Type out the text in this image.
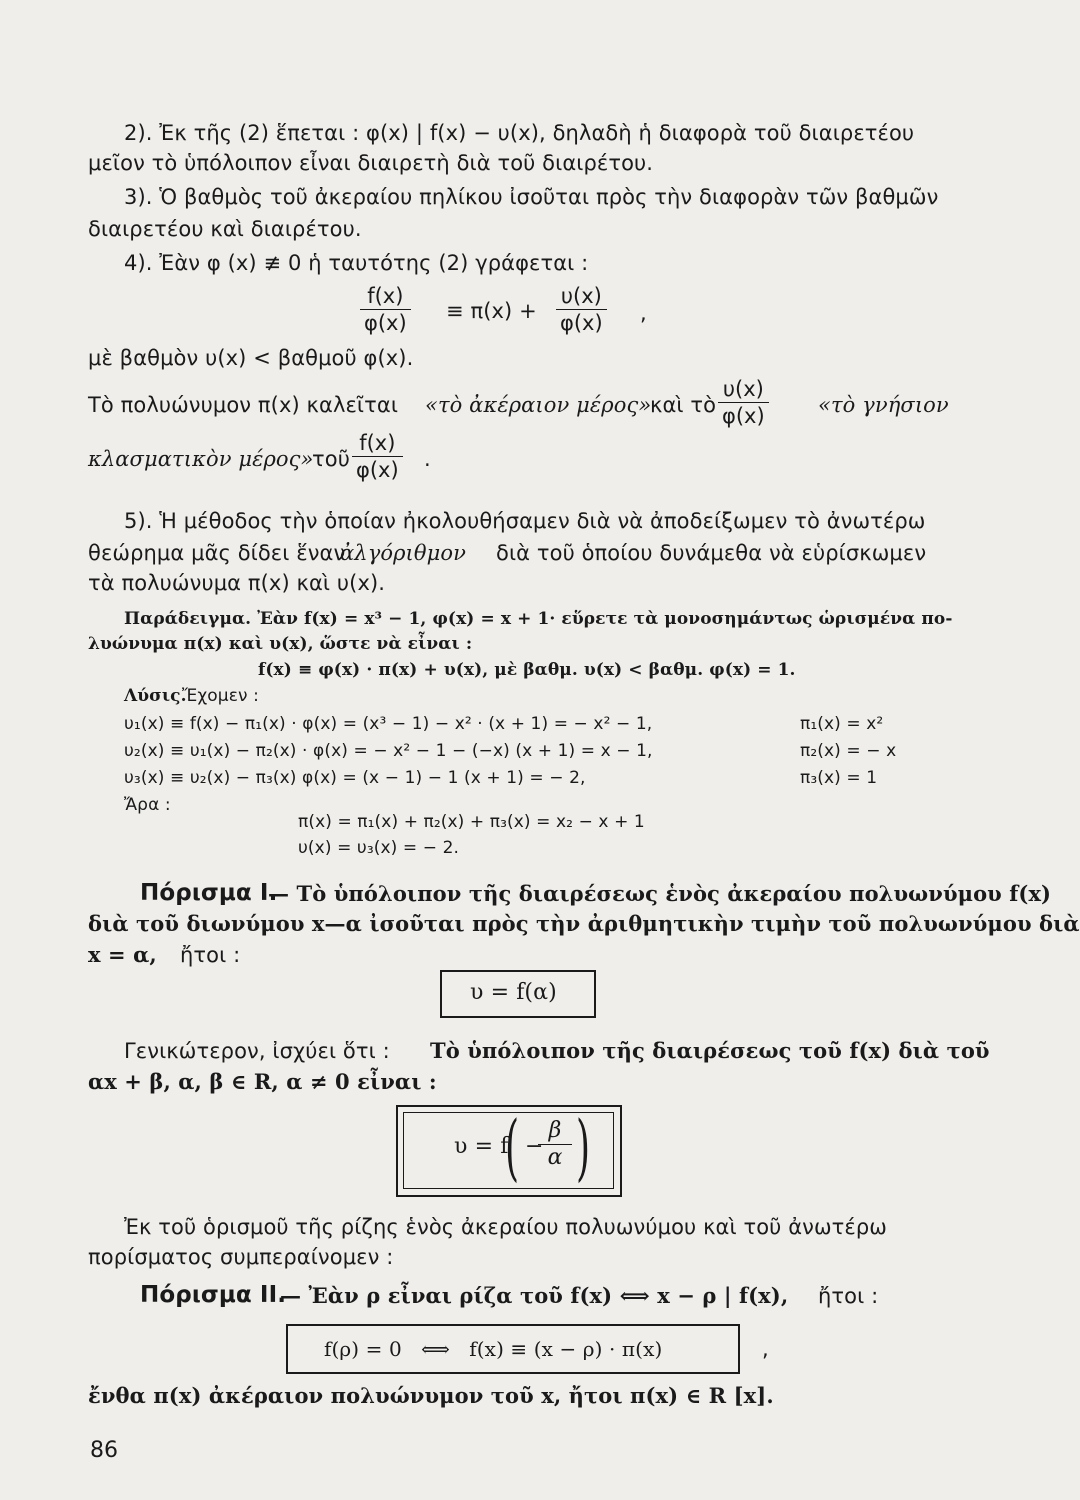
2). Ἐκ τῆς (2) ἕπεται : φ(x) | f(x) − υ(x), δηλαδὴ ἡ διαφορὰ τοῦ διαιρετέου
μεῖον τὸ ὑπόλοιπον εἶναι διαιρετὴ διὰ τοῦ διαιρέτου.
3). Ὁ βαθμὸς τοῦ ἀκεραίου πηλίκου ἰσοῦται πρὸς τὴν διαφορὰν τῶν βαθμῶν
διαιρετέου καὶ διαιρέτου.
4). Ἐὰν φ (x) ≢ 0 ἡ ταυτότης (2) γράφεται :
f(x)
φ(x) ≡ π(x) +
υ(x)
φ(x) ,
μὲ βαθμὸν υ(x) < βαθμοῦ φ(x).
Τὸ πολυώνυμον π(x) καλεῖται «τὸ ἀκέραιον μέρος»
καὶ τὸ
υ(x)
φ(x)	«τὸ γνήσιον
κλασματικὸν μέρος»
τοῦ
f(x)
φ(x) .
5). Ἡ μέθοδος τὴν ὁποίαν ἠκολουθήσαμεν διὰ νὰ ἀποδείξωμεν τὸ ἀνωτέρω
θεώρημα μᾶς δίδει ἕναν
ἀλγόριθμον διὰ τοῦ ὁποίου δυνάμεθα νὰ εὑρίσκωμεν
τὰ πολυώνυμα π(x) καὶ υ(x).
Παράδειγμα. Ἐὰν f(x) = x³ − 1, φ(x) = x + 1· εὕρετε τὰ μονοσημάντως ὡρισμένα πο-
λυώνυμα π(x) καὶ υ(x), ὥστε νὰ εἶναι :
f(x) ≡ φ(x) · π(x) + υ(x), μὲ βαθμ. υ(x) < βαθμ. φ(x) = 1.
Λύσις.
Ἔχομεν :
υ₁(x) ≡ f(x) − π₁(x) · φ(x) = (x³ − 1) − x² · (x + 1) = − x² − 1,	π₁(x) = x²
υ₂(x) ≡ υ₁(x) − π₂(x) · φ(x) = − x² − 1 − (−x) (x + 1) = x − 1,	π₂(x) = − x
υ₃(x) ≡ υ₂(x) − π₃(x) φ(x) = (x − 1) − 1 (x + 1) = − 2,	π₃(x) = 1
Ἄρα :
π(x) = π₁(x) + π₂(x) + π₃(x) = x₂ − x + 1
υ(x) = υ₃(x) = − 2.
Πόρισμα Ι.
— Τὸ ὑπόλοιπον τῆς διαιρέσεως ἑνὸς ἀκεραίου πολυωνύμου f(x)
διὰ τοῦ διωνύμου x—α ἰσοῦται πρὸς τὴν ἀριθμητικὴν τιμὴν τοῦ πολυωνύμου διὰ
x = α, ἤτοι :
υ = f(α)
Γενικώτερον, ἰσχύει ὅτι : Τὸ ὑπόλοιπον τῆς διαιρέσεως τοῦ f(x) διὰ τοῦ
αx + β, α, β ∈ R, α ≠ 0 εἶναι :
υ = f
( −
β
α )
Ἐκ τοῦ ὁρισμοῦ τῆς ρίζης ἑνὸς ἀκεραίου πολυωνύμου καὶ τοῦ ἀνωτέρω
πορίσματος συμπεραίνομεν :
Πόρισμα ΙΙ.
— Ἐὰν ρ εἶναι ρίζα τοῦ f(x) ⟺ x − ρ | f(x), ἤτοι :
f(ρ) = 0   ⟺   f(x) ≡ (x − ρ) · π(x)	,
ἔνθα π(x) ἀκέραιον πολυώνυμον τοῦ x, ἤτοι π(x) ∈ R [x].
86
